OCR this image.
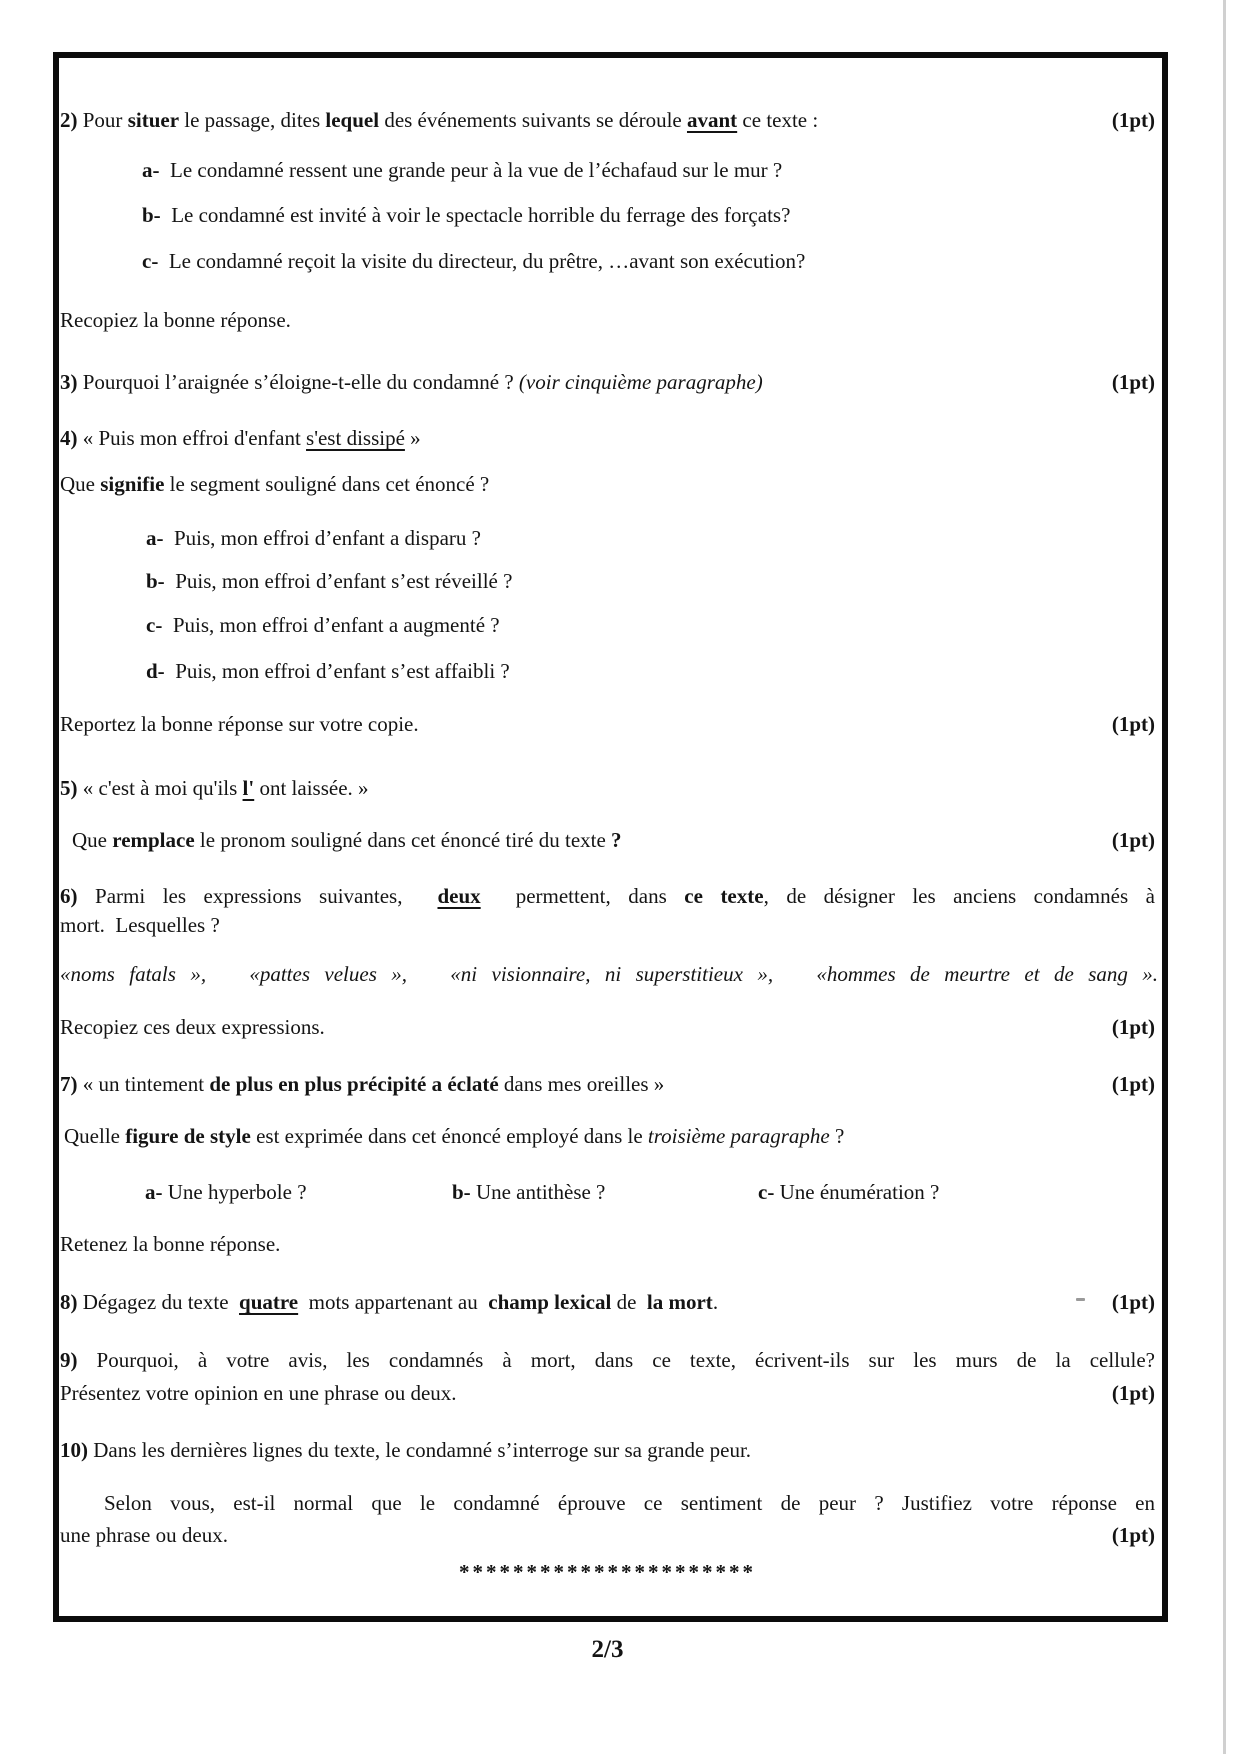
2) Pour situer le passage, dites lequel des événements suivants se déroule avant ce texte :	(1pt)
a-  Le condamné ressent une grande peur à la vue de l’échafaud sur le mur ?
b-  Le condamné est invité à voir le spectacle horrible du ferrage des forçats?
c-  Le condamné reçoit la visite du directeur, du prêtre, …avant son exécution?
Recopiez la bonne réponse.
3) Pourquoi l’araignée s’éloigne-t-elle du condamné ? (voir cinquième paragraphe)	(1pt)
4) « Puis mon effroi d'enfant s'est dissipé »
Que signifie le segment souligné dans cet énoncé ?
a-  Puis, mon effroi d’enfant a disparu ?
b-  Puis, mon effroi d’enfant s’est réveillé ?
c-  Puis, mon effroi d’enfant a augmenté ?
d-  Puis, mon effroi d’enfant s’est affaibli ?
Reportez la bonne réponse sur votre copie.	(1pt)
5) « c'est à moi qu'ils l' ont laissée. »
Que remplace le pronom souligné dans cet énoncé tiré du texte ?	(1pt)
6) Parmi les expressions suivantes,  deux  permettent, dans ce texte, de désigner les anciens condamnés à
mort.  Lesquelles ?
«noms fatals », «pattes velues », «ni visionnaire, ni superstitieux », «hommes de meurtre et de sang ».
Recopiez ces deux expressions.	(1pt)
7) « un tintement de plus en plus précipité a éclaté dans mes oreilles »	(1pt)
Quelle figure de style est exprimée dans cet énoncé employé dans le troisième paragraphe ?
a- Une hyperbole ?	b- Une antithèse ?	c- Une énumération ?
Retenez la bonne réponse.
8) Dégagez du texte  quatre  mots appartenant au  champ lexical de  la mort.	(1pt)
9) Pourquoi, à votre avis, les condamnés à mort, dans ce texte, écrivent-ils sur les murs de la cellule?
Présentez votre opinion en une phrase ou deux.	(1pt)
10) Dans les dernières lignes du texte, le condamné s’interroge sur sa grande peur.
Selon vous, est-il normal que le condamné éprouve ce sentiment de peur ? Justifiez votre réponse en
une phrase ou deux.	(1pt)
**********************
2/3
